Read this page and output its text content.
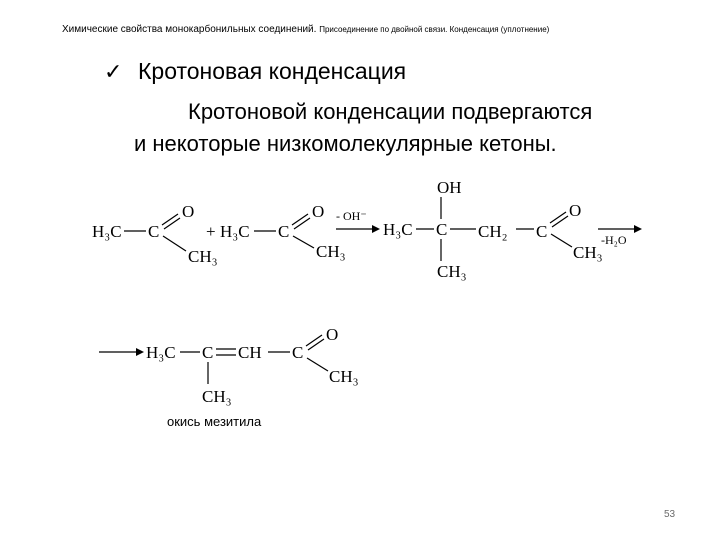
Химические свойства монокарбонильных соединений. Присоединение по двойной связи. Конденсация (уплотнение)
✓ Кротоновая конденсация
Кротоновой конденсации подвергаются
и некоторые низкомолекулярные кетоны.
H₃C C
O
CH₃
+ H₃C C
O
CH₃
- OH⁻
H₃C C
OH
CH₃
CH₂ C
O
CH₃
-H₂O
H₃C C CH
CH₃
C
O
CH₃
окись мезитила
53
